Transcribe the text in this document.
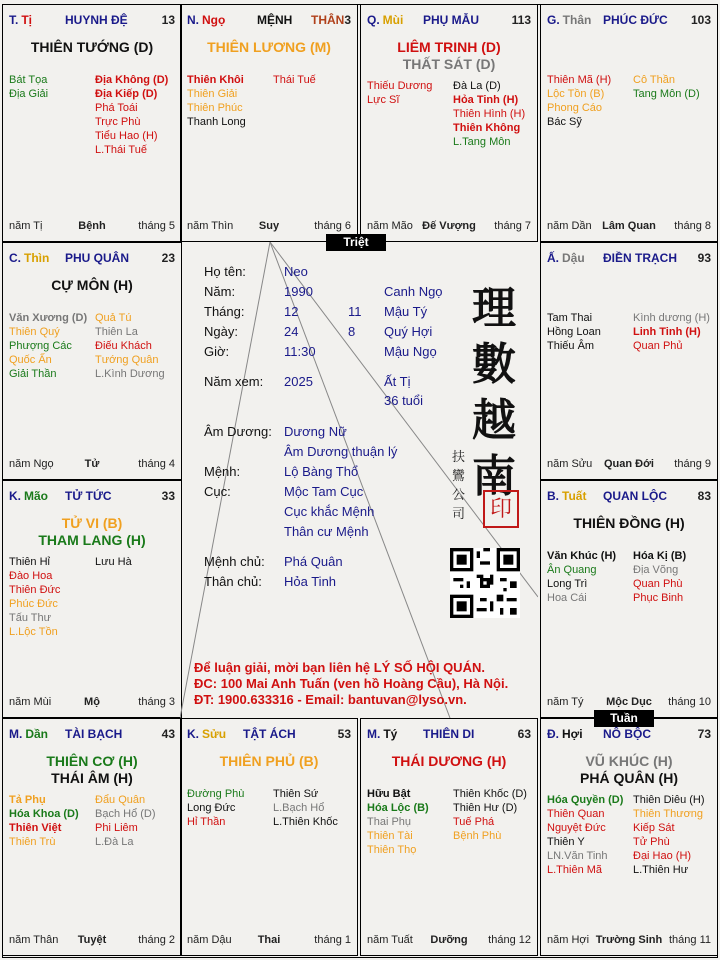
T. Tị	HUYNH ĐỆ	13
THIÊN TƯỚNG (D)
Bát Tọa
Địa Giải
Địa Không (D)
Địa Kiếp (D)
Phá Toái
Trực Phù
Tiểu Hao (H)
L.Thái Tuế
năm Tị	Bệnh	tháng 5
N. Ngọ	MỆNH THÂN 3
THIÊN LƯƠNG (M)
Thiên Khôi
Thiên Giải
Thiên Phúc
Thanh Long
Thái Tuế
năm Thìn	Suy	tháng 6
Q. Mùi PHỤ MẪU	113
LIÊM TRINH (D)
THẤT SÁT (D)
Thiếu Dương
Lực Sĩ
Đà La (D)
Hỏa Tinh (H)
Thiên Hình (H)
Thiên Không
L.Tang Môn
năm Mão Đế Vượng	tháng 7
G. Thân PHÚC ĐỨC 103
Thiên Mã (H)
Lộc Tồn (B)
Phong Cáo
Bác Sỹ
Cô Thần
Tang Môn (D)
năm Dần Lâm Quan	tháng 8
Ấ. Dậu ĐIỀN TRẠCH 93
Tam Thai
Hồng Loan
Thiếu Âm
Kình dương (H)
Linh Tinh (H)
Quan Phủ
năm Sửu	Quan Đới	tháng 9
B. Tuất QUAN LỘC	83
THIÊN ĐỒNG (H)
Văn Khúc (H)
Ân Quang
Long Trì
Hoa Cái
Hóa Kị (B)
Địa Võng
Quan Phù
Phục Binh
năm Tý	Mộc Dục	tháng 10
Đ. Hợi NÔ BỘC	73
VŨ KHÚC (H)
PHÁ QUÂN (H)
Hóa Quyền (D)
Thiên Quan
Nguyệt Đức
Thiên Y
LN.Văn Tinh
L.Thiên Mã
Thiên Diêu (H)
Thiên Thương
Kiếp Sát
Tử Phù
Đại Hao (H)
L.Thiên Hư
năm Hợi Trường Sinh tháng 11
M. Tý THIÊN DI	63
THÁI DƯƠNG (H)
Hữu Bật
Hóa Lộc (B)
Thai Phụ
Thiên Tài
Thiên Thọ
Thiên Khốc (D)
Thiên Hư (D)
Tuế Phá
Bệnh Phù
năm Tuất	Dưỡng	tháng 12
K. Sửu TẬT ÁCH	53
THIÊN PHỦ (B)
Đường Phù
Long Đức
Hỉ Thần
Thiên Sứ
L.Bạch Hổ
L.Thiên Khốc
năm Dậu	Thai	tháng 1
M. Dần TÀI BẠCH	43
THIÊN CƠ (H)
THÁI ÂM (H)
Tả Phụ
Hóa Khoa (D)
Thiên Việt
Thiên Trù
Đẩu Quân
Bạch Hổ (D)
Phi Liêm
L.Đà La
năm Thân	Tuyệt	tháng 2
K. Mão TỬ TỨC	33
TỬ VI (B)
THAM LANG (H)
Thiên Hỉ
Đào Hoa
Thiên Đức
Phúc Đức
Tấu Thư
L.Lộc Tồn
Lưu Hà
năm Mùi	Mộ	tháng 3
C. Thìn PHU QUÂN	23
CỰ MÔN (H)
Văn Xương (D)
Thiên Quý
Phượng Các
Quốc Ấn
Giải Thần
Quả Tú
Thiên La
Điếu Khách
Tướng Quân
L.Kình Dương
năm Ngọ	Tử	tháng 4
Họ tên:	Neo
Năm:	1990	Canh Ngọ
Tháng:	12	11 Mậu Tý
Ngày:	24	8 Quý Hợi
Giờ:	11:30	Mậu Ngọ
Năm xem: 2025	Ất Tị
36 tuổi
Âm Dương: Dương Nữ
Âm Dương thuận lý
Mệnh:	Lộ Bàng Thổ
Cục:	Mộc Tam Cục
Cục khắc Mệnh
Thân cư Mệnh
Mệnh chủ: Phá Quân
Thân chủ: Hỏa Tinh
理
數
越
南
扶
鸞
公
司	印
Để luận giải, mời bạn liên hệ LÝ SỐ HỘI QUÁN.
ĐC: 100 Mai Anh Tuấn (ven hồ Hoàng Cầu), Hà Nội.
ĐT: 1900.633316 - Email: bantuvan@lyso.vn.
Triệt
Tuần
